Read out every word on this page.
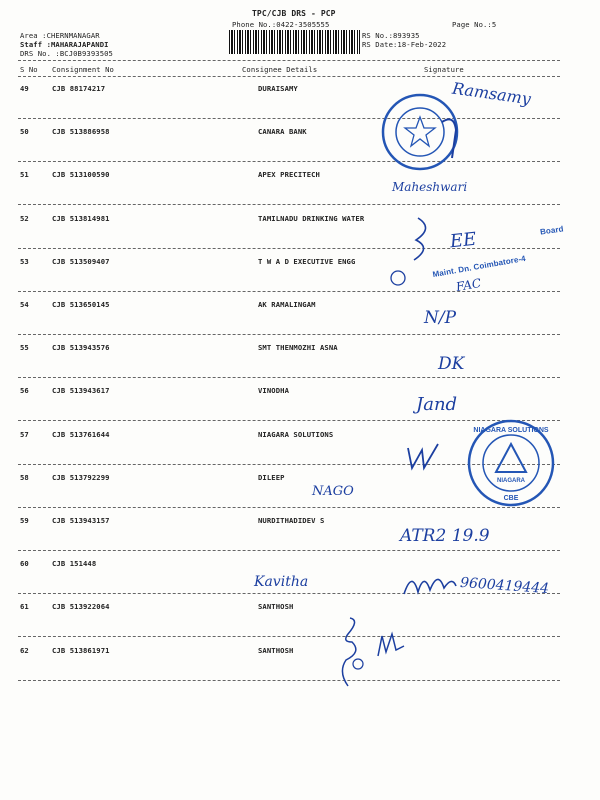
TPC/CJB DRS - PCP
Phone No.:0422-3505555	Page No.:5
Area :CHERNMANAGAR
Staff :MAHARAJAPANDI
DRS No. :BCJ0B9393505
RS No.:893935
RS Date:18-Feb-2022
S No Consignment No	Consignee Details	Signature
49	CJB 88174217	DURAISAMY
50	CJB 513886958	CANARA BANK
51	CJB 513100590	APEX PRECITECH
52	CJB 513814981	TAMILNADU DRINKING WATER
53	CJB 513509407	T W A D EXECUTIVE ENGG
54	CJB 513650145	AK RAMALINGAM
55	CJB 513943576	SMT THENMOZHI ASNA
56	CJB 513943617	VINODHA
57	CJB 513761644	NIAGARA SOLUTIONS
58	CJB 513792299	DILEEP
59	CJB 513943157	NURDITHADIDEV S
60	CJB 151448
61	CJB 513922064	SANTHOSH
62	CJB 513861971	SANTHOSH
Ramsamy
Maheshwari
EE	Board
Maint. Dn. Coimbatore-4
FAC
N/P
DK
Jand
NIAGARA
CBE
NIAGARA SOLUTIONS
NAGO
ATR2 19.9
Kavitha	9600419444
